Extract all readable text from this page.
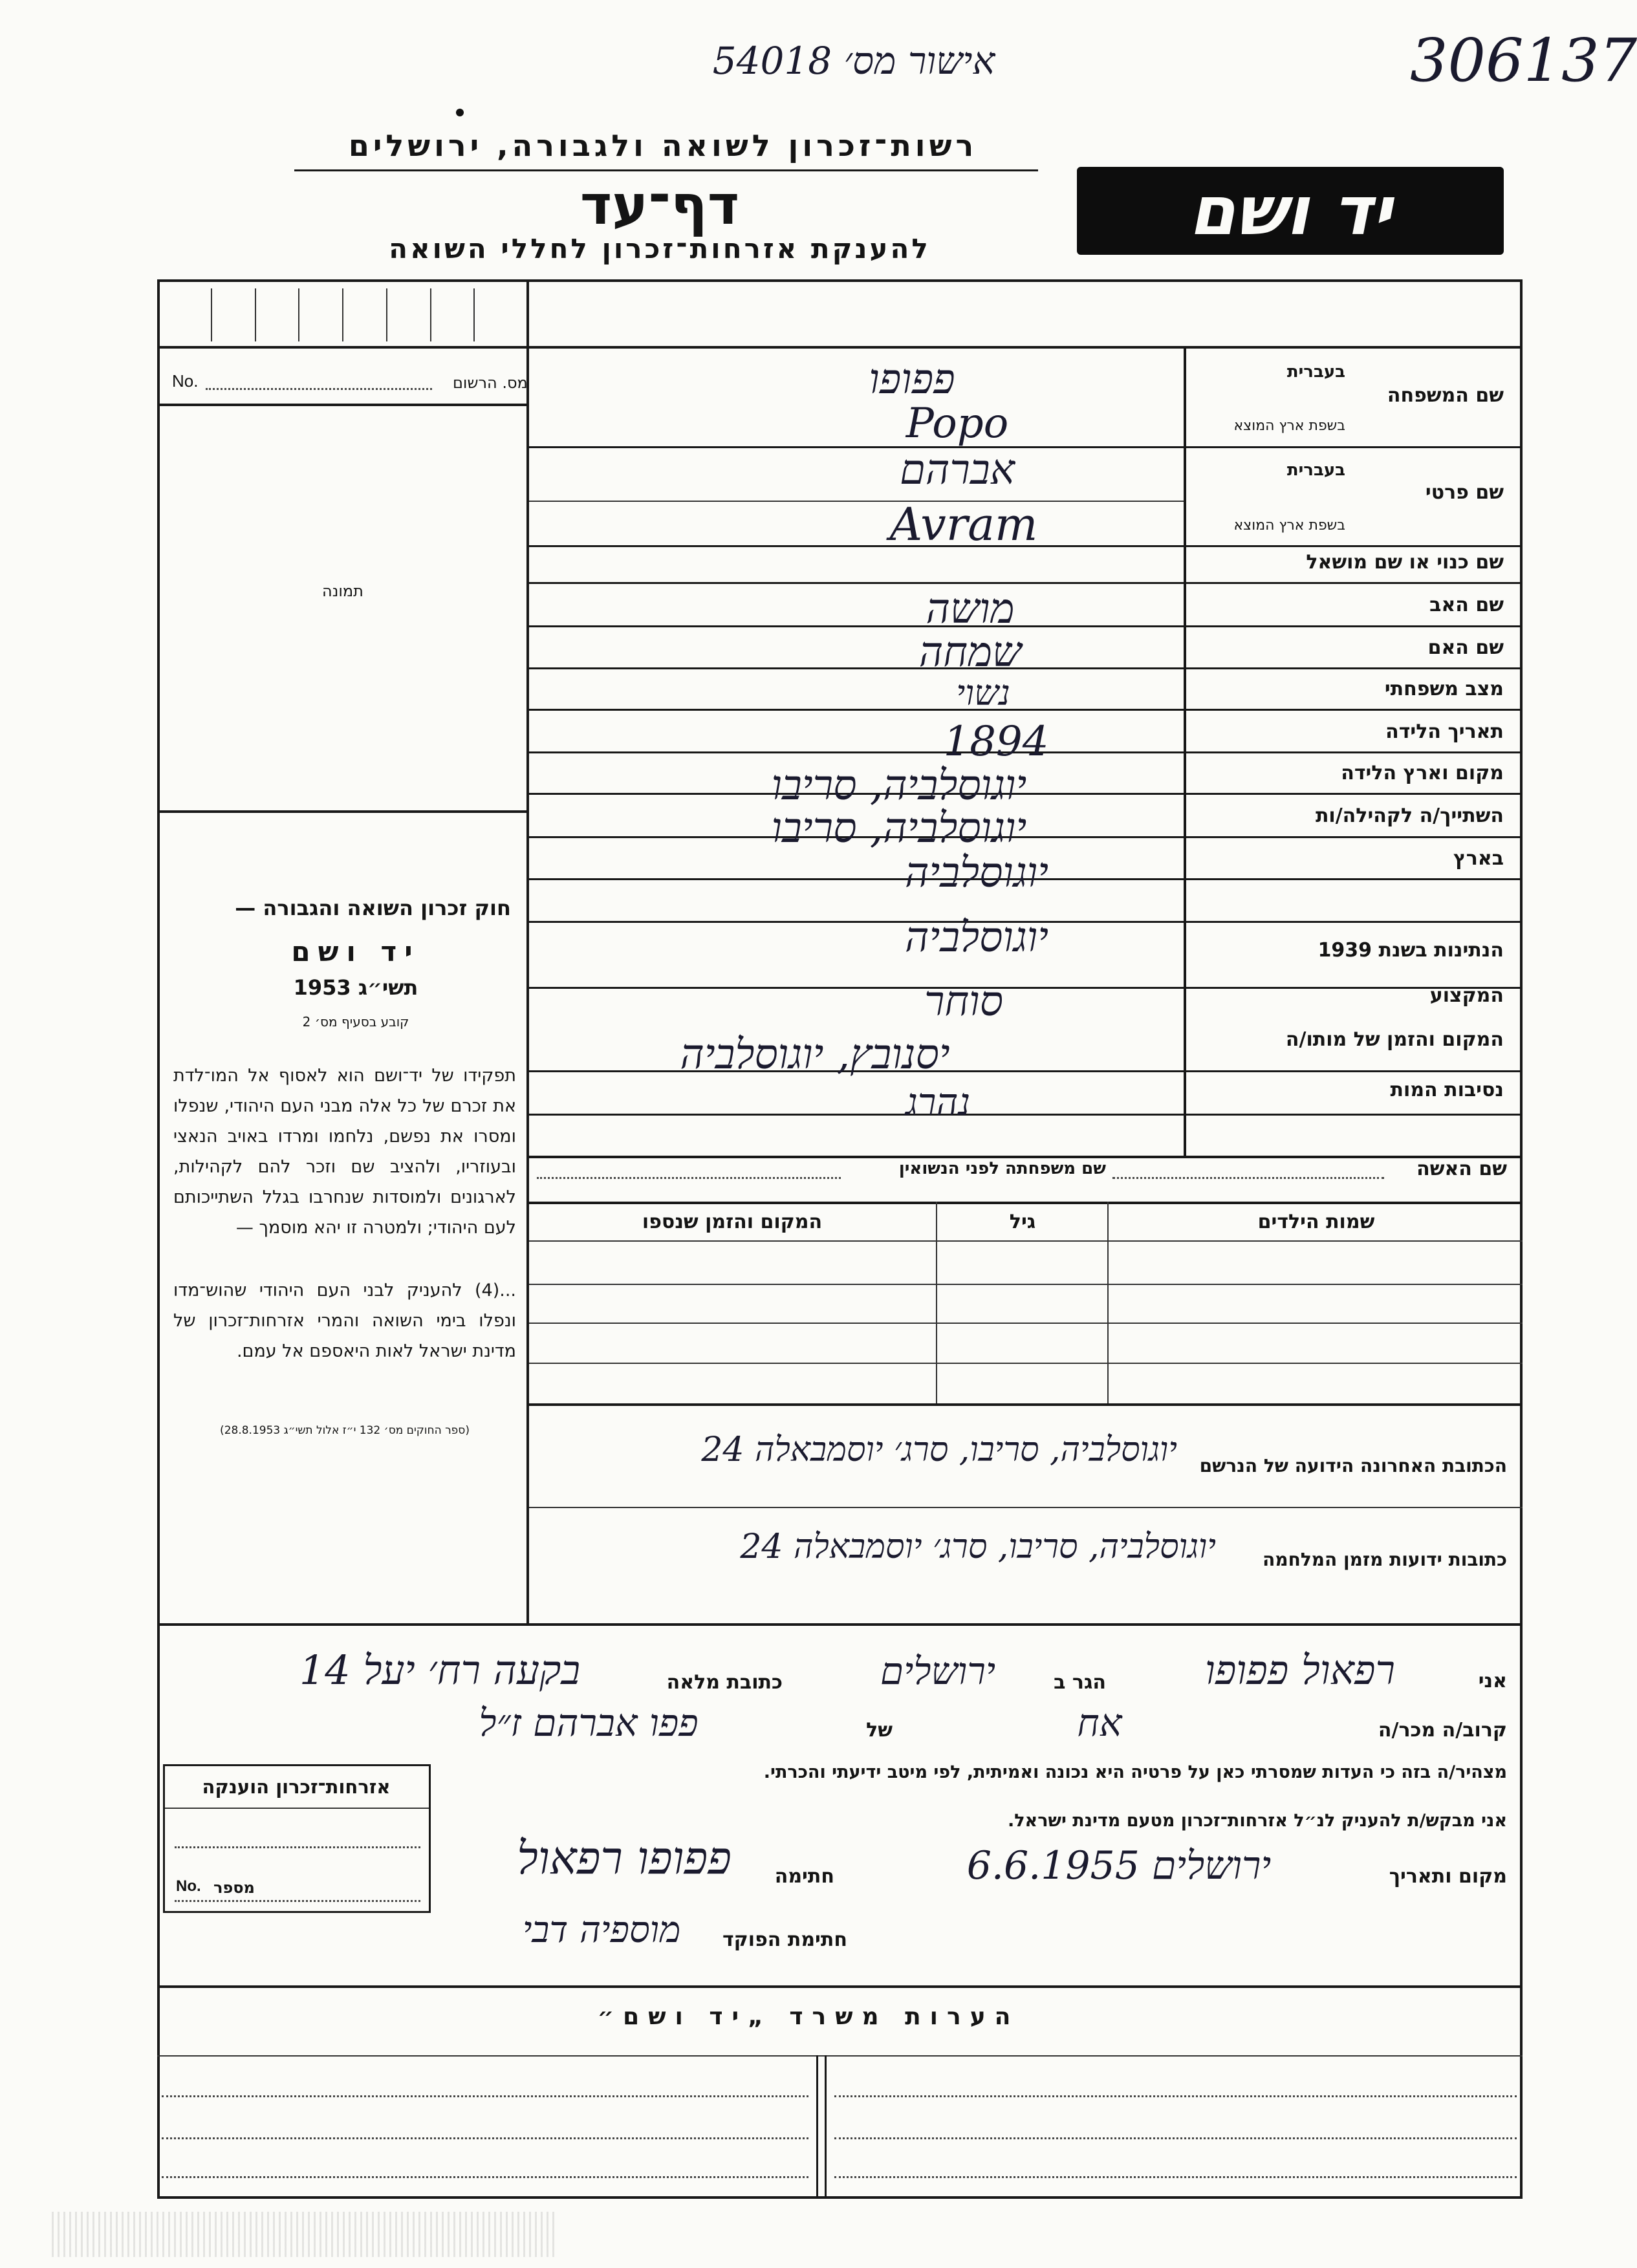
אישור מס׳ 54018	306137
רשות־זכרון לשואה ולגבורה, ירושלים
דף־עד
להענקת אזרחות־זכרון לחללי השואה	יד ושם
מס. הרשום
No.
תמונה
חוק זכרון השואה והגבורה —
יד ושם
תשי״ג 1953
קובע בסעיף מס׳ 2
תפקידו של יד־ושם הוא לאסוף אל המו־לדת את זכרם של כל אלה מבני העם היהודי, שנפלו ומסרו את נפשם, נלחמו ומרדו באויב הנאצי ובעוזריו, ולהציב שם וזכר להם לקהילות, לארגונים ולמוסדות שנחרבו בגלל השתייכותם לעם היהודי; ולמטרה זו יהא מוסמך —
...(4) להעניק לבני העם היהודי שהוש־מדו ונפלו בימי השואה והמרי אזרחות־זכרון של מדינת ישראל לאות היאספם אל עמם.
(ספר החוקים מס׳ 132 י״ז אלול תשי״ג 28.8.1953)
בעברית
שם המשפחה
בשפת ארץ המוצא
בעברית
שם פרטי
בשפת ארץ המוצא
שם כנוי או שם מושאל
שם האב
שם האם
מצב משפחתי
תאריך הלידה
מקום וארץ הלידה
השתייך/ה לקהילה/ות
בארץ
הנתינות בשנת 1939
המקצוע
המקום והזמן של מותו/ה
נסיבות המות
פפופו
Popo
אברהם
Avram
מושה
שמחה
נשוי
1894
יוגוסלביה, סריבו
יוגוסלביה, סריבו
יוגוסלביה
יוגוסלביה
סוחר
יסנובץ, יוגוסלביה
נהרג
שם האשה
שם משפחתה לפני הנשואין
שמות הילדים
גיל
המקום והזמן שנספו
הכתובת האחרונה הידועה של הנרשם
יוגוסלביה, סריבו, סרג׳ יוסמבאלה 24
כתובות ידועות מזמן המלחמה
יוגוסלביה, סריבו, סרג׳ יוסמבאלה 24
אני
רפאול פפופו
הגר ב
ירושלים
כתובת מלאה
בקעה רח׳ יעל 14
קרוב/ה מכר/ה
אח
של
פפו אברהם ז״ל
מצהיר/ה בזה כי העדות שמסרתי כאן על פרטיה היא נכונה ואמיתית, לפי מיטב ידיעתי והכרתי.
אני מבקש/ת להעניק לנ״ל אזרחות־זכרון מטעם מדינת ישראל.
מקום ותאריך
ירושלים 6.6.1955
חתימה
פפופו רפאול
חתימת הפוקד
מוספיה דבי
אזרחות־זכרון הוענקה
מספר
No.
הערות משרד „יד ושם״
